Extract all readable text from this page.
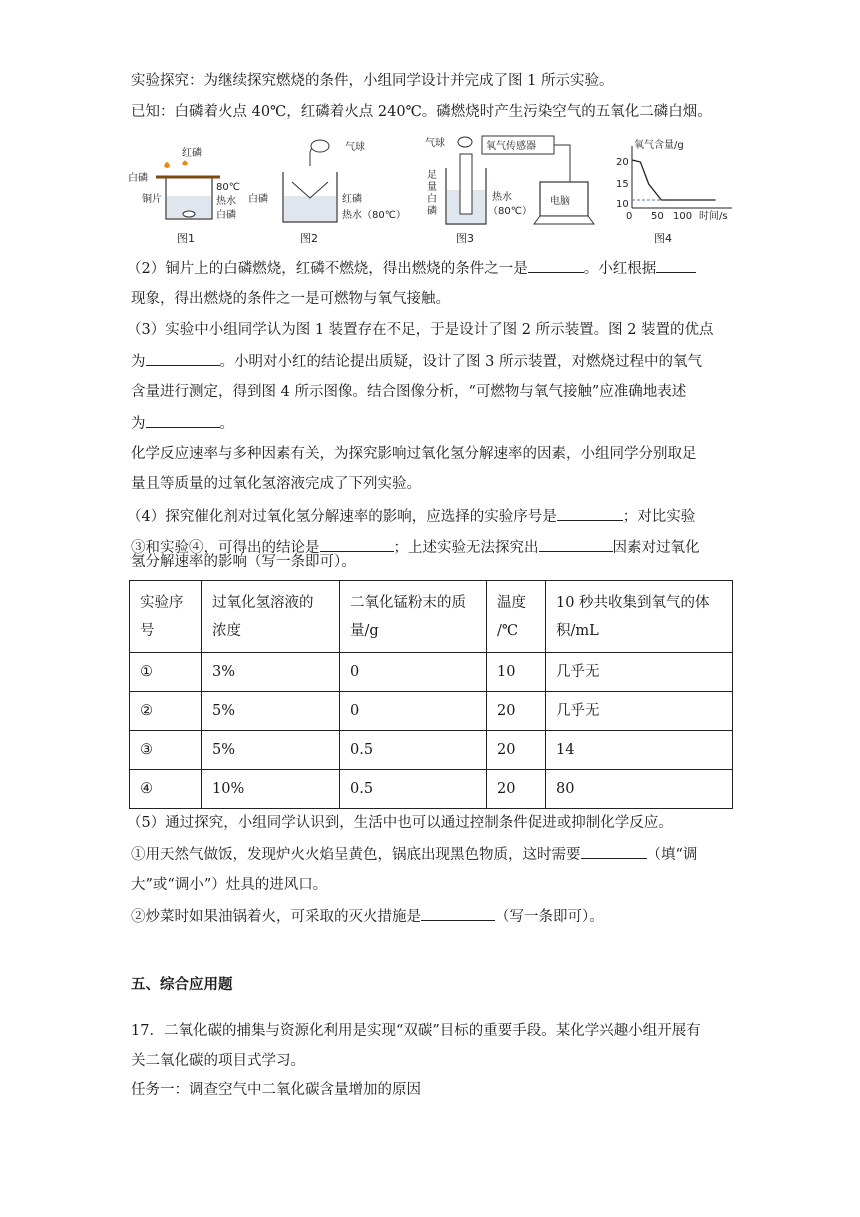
实验探究：为继续探究燃烧的条件，小组同学设计并完成了图 1 所示实验。
已知：白磷着火点 40℃，红磷着火点 240℃。磷燃烧时产生污染空气的五氧化二磷白烟。
红磷
白磷
铜片
80℃
热水
白磷
图1
气球
白磷	红磷
热水（80℃）
图2
气球	氧气传感器
足
量
白
磷
热水
（80℃）
电脑
图3
氧气含量/g
时间/s
20
15
10
0 50 100
图4
（2）铜片上的白磷燃烧，红磷不燃烧，得出燃烧的条件之一是	。小红根据
现象，得出燃烧的条件之一是可燃物与氧气接触。
（3）实验中小组同学认为图 1 装置存在不足，于是设计了图 2 所示装置。图 2 装置的优点
为	。小明对小红的结论提出质疑，设计了图 3 所示装置，对燃烧过程中的氧气
含量进行测定，得到图 4 所示图像。结合图像分析，“可燃物与氧气接触”应准确地表述
为	。
化学反应速率与多种因素有关，为探究影响过氧化氢分解速率的因素，小组同学分别取足
量且等质量的过氧化氢溶液完成了下列实验。
（4）探究催化剂对过氧化氢分解速率的影响，应选择的实验序号是	；对比实验
③和实验④，可得出的结论是	；上述实验无法探究出	因素对过氧化
氢分解速率的影响（写一条即可）。
实验序
号	过氧化氢溶液的
浓度	二氧化锰粉末的质
量/g	温度
/℃	10 秒共收集到氧气的体
积/mL
①	3%	0	10	几乎无
②	5%	0	20	几乎无
③	5%	0.5	20	14
④	10%	0.5	20	80
（5）通过探究，小组同学认识到，生活中也可以通过控制条件促进或抑制化学反应。
①用天然气做饭，发现炉火火焰呈黄色，锅底出现黑色物质，这时需要	（填“调
大”或“调小”）灶具的进风口。
②炒菜时如果油锅着火，可采取的灭火措施是	（写一条即可）。
五、综合应用题
17．二氧化碳的捕集与资源化利用是实现“双碳”目标的重要手段。某化学兴趣小组开展有
关二氧化碳的项目式学习。
任务一：调查空气中二氧化碳含量增加的原因
